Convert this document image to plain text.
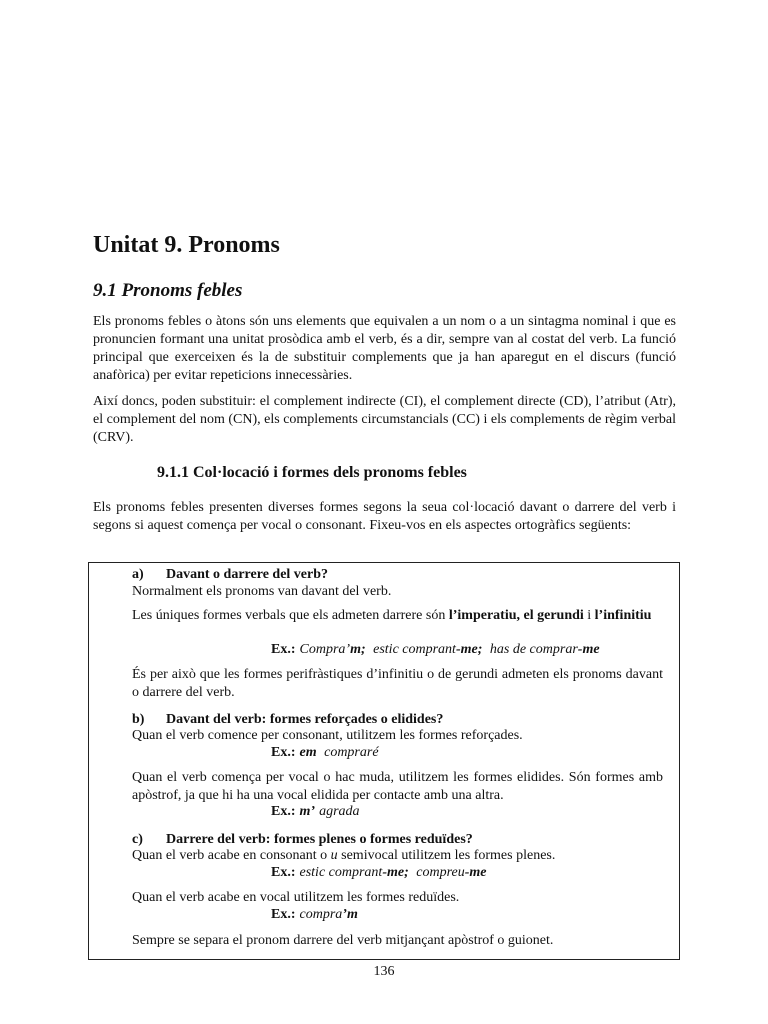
Unitat 9. Pronoms
9.1 Pronoms febles

Els pronoms febles o àtons són uns elements que equivalen a un nom o a un sintagma nominal i que es pronuncien formant una unitat prosòdica amb el verb, és a dir, sempre van al costat del verb. La funció principal que exerceixen és la de substituir complements que ja han aparegut en el discurs (funció anafòrica) per evitar repeticions innecessàries.

Així doncs, poden substituir: el complement indirecte (CI), el complement directe (CD), l’atribut (Atr), el complement del nom (CN), els complements circumstancials (CC) i els complements de règim verbal (CRV).

9.1.1 Col·locació i formes dels pronoms febles

Els pronoms febles presenten diverses formes segons la seua col·locació davant o darrere del verb i segons si aquest comença per vocal o consonant. Fixeu-vos en els aspectes ortogràfics següents:

a) Davant o darrere del verb?

Normalment els pronoms van davant del verb.

Les úniques formes verbals que els admeten darrere són l’imperatiu, el gerundi i l’infinitiu

Ex.: Compra’m; estic comprant-me; has de comprar-me

És per això que les formes perifràstiques d’infinitiu o de gerundi admeten els pronoms davant o darrere del verb.

b) Davant del verb: formes reforçades o elidides?

Quan el verb comence per consonant, utilitzem les formes reforçades.

Ex.: em compraré

Quan el verb comença per vocal o hac muda, utilitzem les formes elidides. Són formes amb apòstrof, ja que hi ha una vocal elidida per contacte amb una altra.

Ex.: m’ agrada

c) Darrere del verb: formes plenes o formes reduïdes?

Quan el verb acabe en consonant o u semivocal utilitzem les formes plenes.

Ex.: estic comprant-me; compreu-me

Quan el verb acabe en vocal utilitzem les formes reduïdes.

Ex.: compra’m

Sempre se separa el pronom darrere del verb mitjançant apòstrof o guionet.

136
